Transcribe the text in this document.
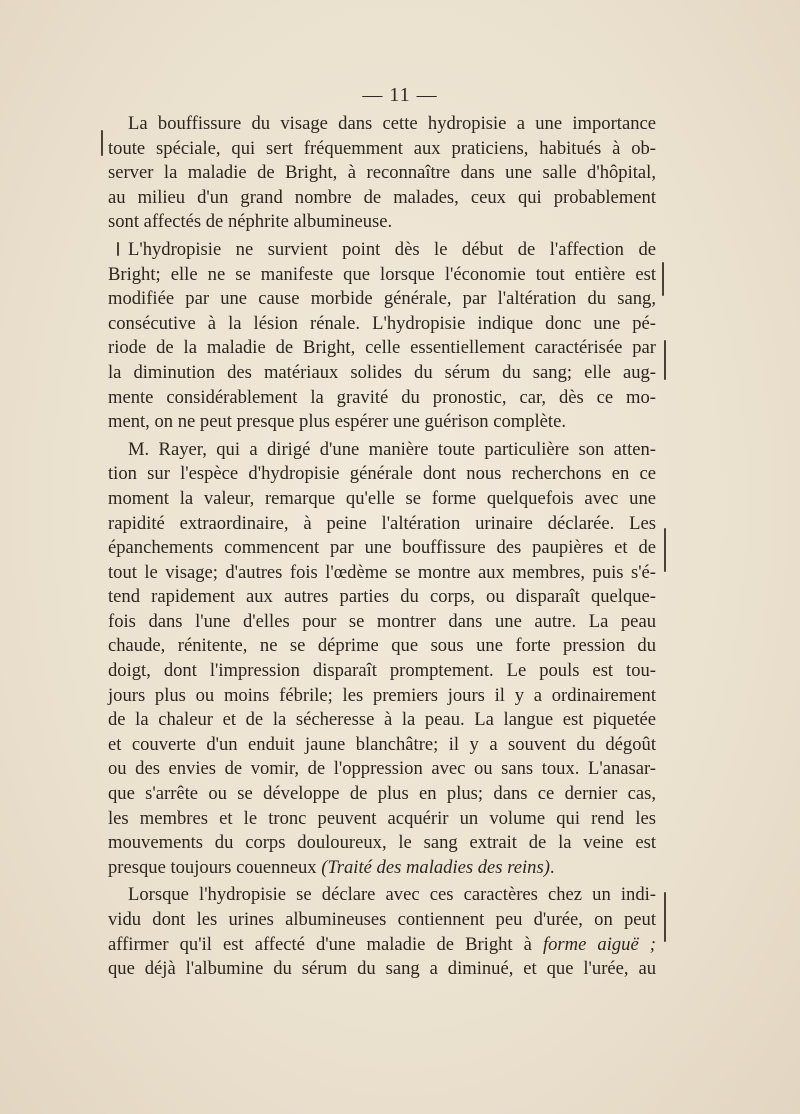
— 11 —
La bouffissure du visage dans cette hydropisie a une importance
toute spéciale, qui sert fréquemment aux praticiens, habitués à ob-
server la maladie de Bright, à reconnaître dans une salle d'hôpital,
au milieu d'un grand nombre de malades, ceux qui probablement
sont affectés de néphrite albumineuse.
L'hydropisie ne survient point dès le début de l'affection de
Bright; elle ne se manifeste que lorsque l'économie tout entière est
modifiée par une cause morbide générale, par l'altération du sang,
consécutive à la lésion rénale. L'hydropisie indique donc une pé-
riode de la maladie de Bright, celle essentiellement caractérisée par
la diminution des matériaux solides du sérum du sang; elle aug-
mente considérablement la gravité du pronostic, car, dès ce mo-
ment, on ne peut presque plus espérer une guérison complète.
M. Rayer, qui a dirigé d'une manière toute particulière son atten-
tion sur l'espèce d'hydropisie générale dont nous recherchons en ce
moment la valeur, remarque qu'elle se forme quelquefois avec une
rapidité extraordinaire, à peine l'altération urinaire déclarée. Les
épanchements commencent par une bouffissure des paupières et de
tout le visage; d'autres fois l'œdème se montre aux membres, puis s'é-
tend rapidement aux autres parties du corps, ou disparaît quelque-
fois dans l'une d'elles pour se montrer dans une autre. La peau
chaude, rénitente, ne se déprime que sous une forte pression du
doigt, dont l'impression disparaît promptement. Le pouls est tou-
jours plus ou moins fébrile; les premiers jours il y a ordinairement
de la chaleur et de la sécheresse à la peau. La langue est piquetée
et couverte d'un enduit jaune blanchâtre; il y a souvent du dégoût
ou des envies de vomir, de l'oppression avec ou sans toux. L'anasar-
que s'arrête ou se développe de plus en plus; dans ce dernier cas,
les membres et le tronc peuvent acquérir un volume qui rend les
mouvements du corps douloureux, le sang extrait de la veine est
presque toujours couenneux (Traité des maladies des reins).
Lorsque l'hydropisie se déclare avec ces caractères chez un indi-
vidu dont les urines albumineuses contiennent peu d'urée, on peut
affirmer qu'il est affecté d'une maladie de Bright à forme aiguë ;
que déjà l'albumine du sérum du sang a diminué, et que l'urée, au
